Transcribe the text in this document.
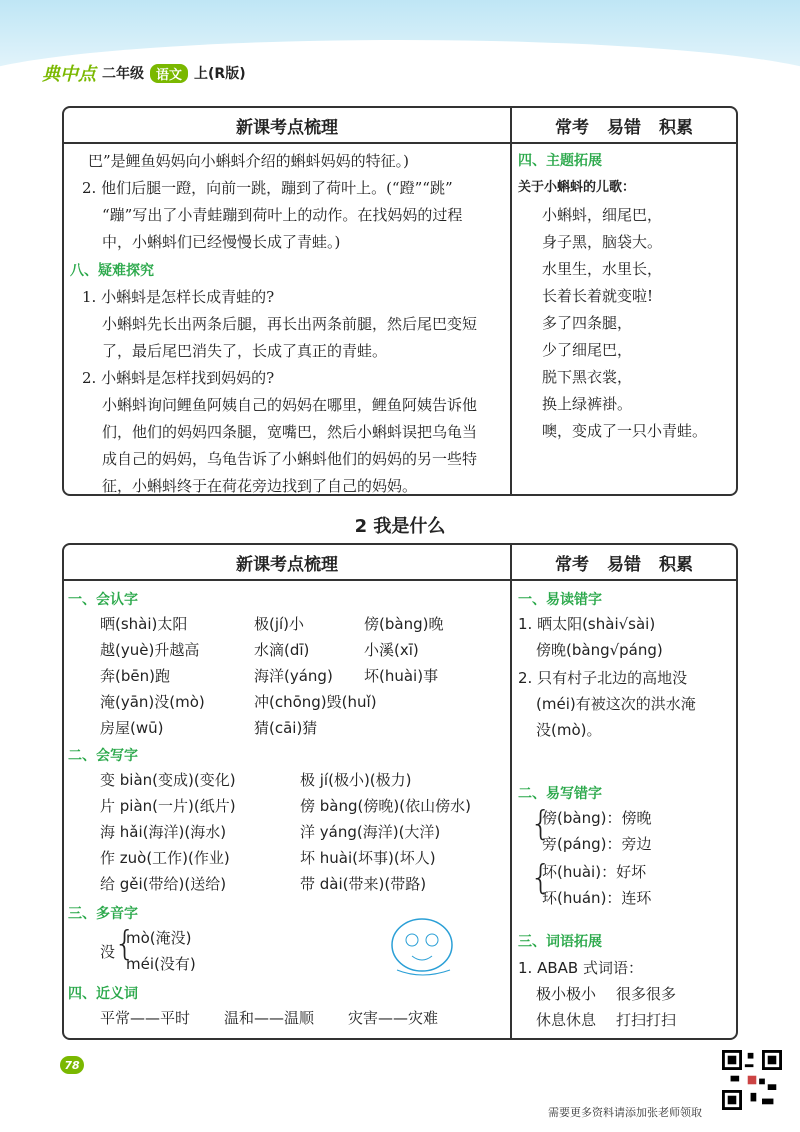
典中点 二年级 语文 上(R版)
新课考点梳理
巴”是鲤鱼妈妈向小蝌蚪介绍的蝌蚪妈妈的特征。)
2. 他们后腿一蹬，向前一跳，蹦到了荷叶上。(“蹬”“跳”
“蹦”写出了小青蛙蹦到荷叶上的动作。在找妈妈的过程
中，小蝌蚪们已经慢慢长成了青蛙。)
八、疑难探究
1. 小蝌蚪是怎样长成青蛙的?
小蝌蚪先长出两条后腿，再长出两条前腿，然后尾巴变短
了，最后尾巴消失了，长成了真正的青蛙。
2. 小蝌蚪是怎样找到妈妈的?
小蝌蚪询问鲤鱼阿姨自己的妈妈在哪里，鲤鱼阿姨告诉他
们，他们的妈妈四条腿，宽嘴巴，然后小蝌蚪误把乌龟当
成自己的妈妈，乌龟告诉了小蝌蚪他们的妈妈的另一些特
征，小蝌蚪终于在荷花旁边找到了自己的妈妈。
常考 易错 积累
四、主题拓展
关于小蝌蚪的儿歌：
小蝌蚪，细尾巴，
身子黑，脑袋大。
水里生，水里长，
长着长着就变啦!
多了四条腿，
少了细尾巴，
脱下黑衣裳，
换上绿裤褂。
噢，变成了一只小青蛙。
2 我是什么
新课考点梳理
一、会认字
晒(shài)太阳	极(jí)小	傍(bàng)晚
越(yuè)升越高	水滴(dī)	小溪(xī)
奔(bēn)跑	海洋(yáng) 坏(huài)事
淹(yān)没(mò)	冲(chōng)毁(huǐ)
房屋(wū)	猜(cāi)猜
二、会写字
变 biàn(变成)(变化)	极 jí(极小)(极力)
片 piàn(一片)(纸片)	傍 bàng(傍晚)(依山傍水)
海 hǎi(海洋)(海水)	洋 yáng(海洋)(大洋)
作 zuò(工作)(作业)	坏 huài(坏事)(坏人)
给 gěi(带给)(送给)	带 dài(带来)(带路)
三、多音字
没
{
mò(淹没)
méi(没有)
四、近义词
平常——平时 温和——温顺 灾害——灾难
常考 易错 积累
一、易读错字
1. 晒太阳(shài√sài)
傍晚(bàng√páng)
2. 只有村子北边的高地没
(méi)有被这次的洪水淹
没(mò)。
二、易写错字
{
傍(bàng)：傍晚
旁(páng)：旁边
{
坏(huài)：好坏
环(huán)：连环
三、词语拓展
1. ABAB 式词语：
极小极小 很多很多
休息休息 打扫打扫
78
需要更多资料请添加张老师领取
